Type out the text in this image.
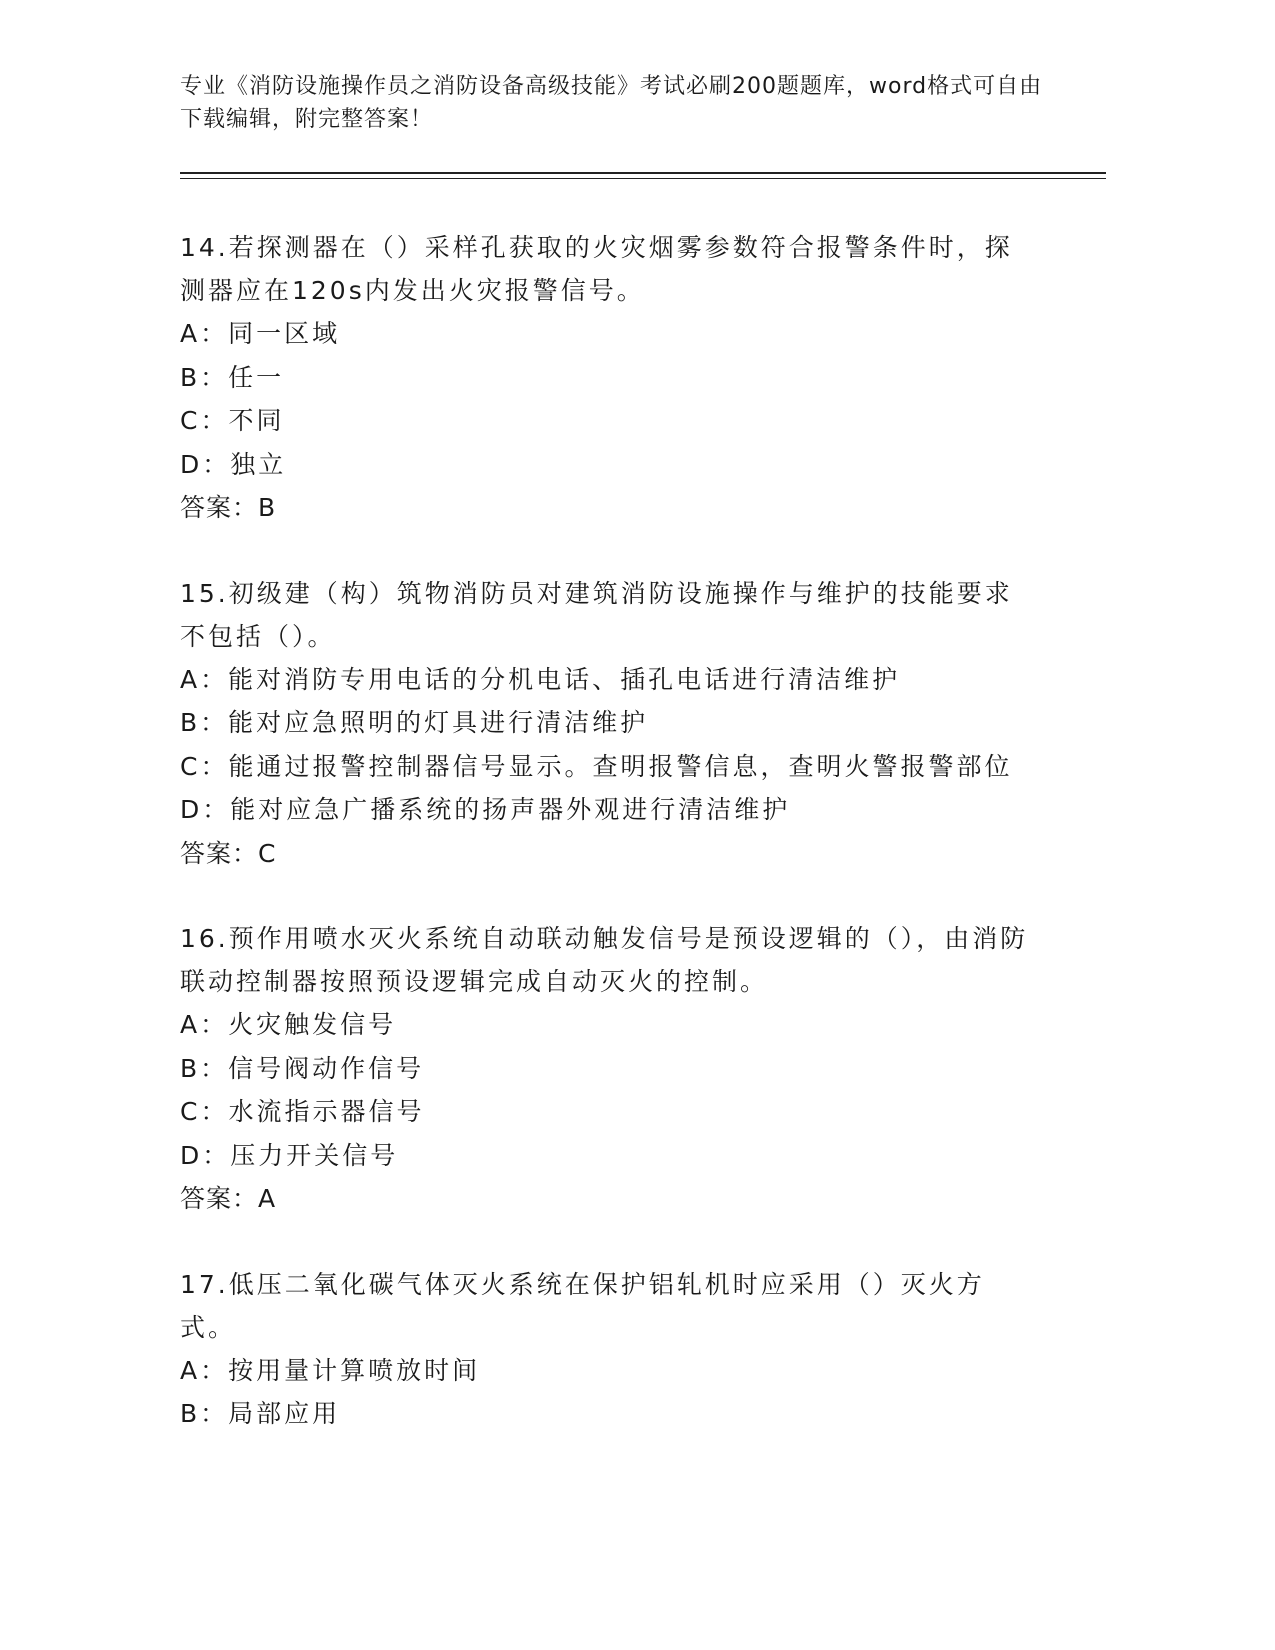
专业《消防设施操作员之消防设备高级技能》考试必刷200题题库，word格式可自由下载编辑，附完整答案！

14.若探测器在（）采样孔获取的火灾烟雾参数符合报警条件时，探测器应在120s内发出火灾报警信号。

A：同一区域
B：任一
C：不同
D：独立
答案：B

15.初级建（构）筑物消防员对建筑消防设施操作与维护的技能要求不包括（）。

A：能对消防专用电话的分机电话、插孔电话进行清洁维护
B：能对应急照明的灯具进行清洁维护
C：能通过报警控制器信号显示。查明报警信息，查明火警报警部位
D：能对应急广播系统的扬声器外观进行清洁维护
答案：C

16.预作用喷水灭火系统自动联动触发信号是预设逻辑的（），由消防联动控制器按照预设逻辑完成自动灭火的控制。

A：火灾触发信号
B：信号阀动作信号
C：水流指示器信号
D：压力开关信号
答案：A

17.低压二氧化碳气体灭火系统在保护铝轧机时应采用（）灭火方式。

A：按用量计算喷放时间
B：局部应用
